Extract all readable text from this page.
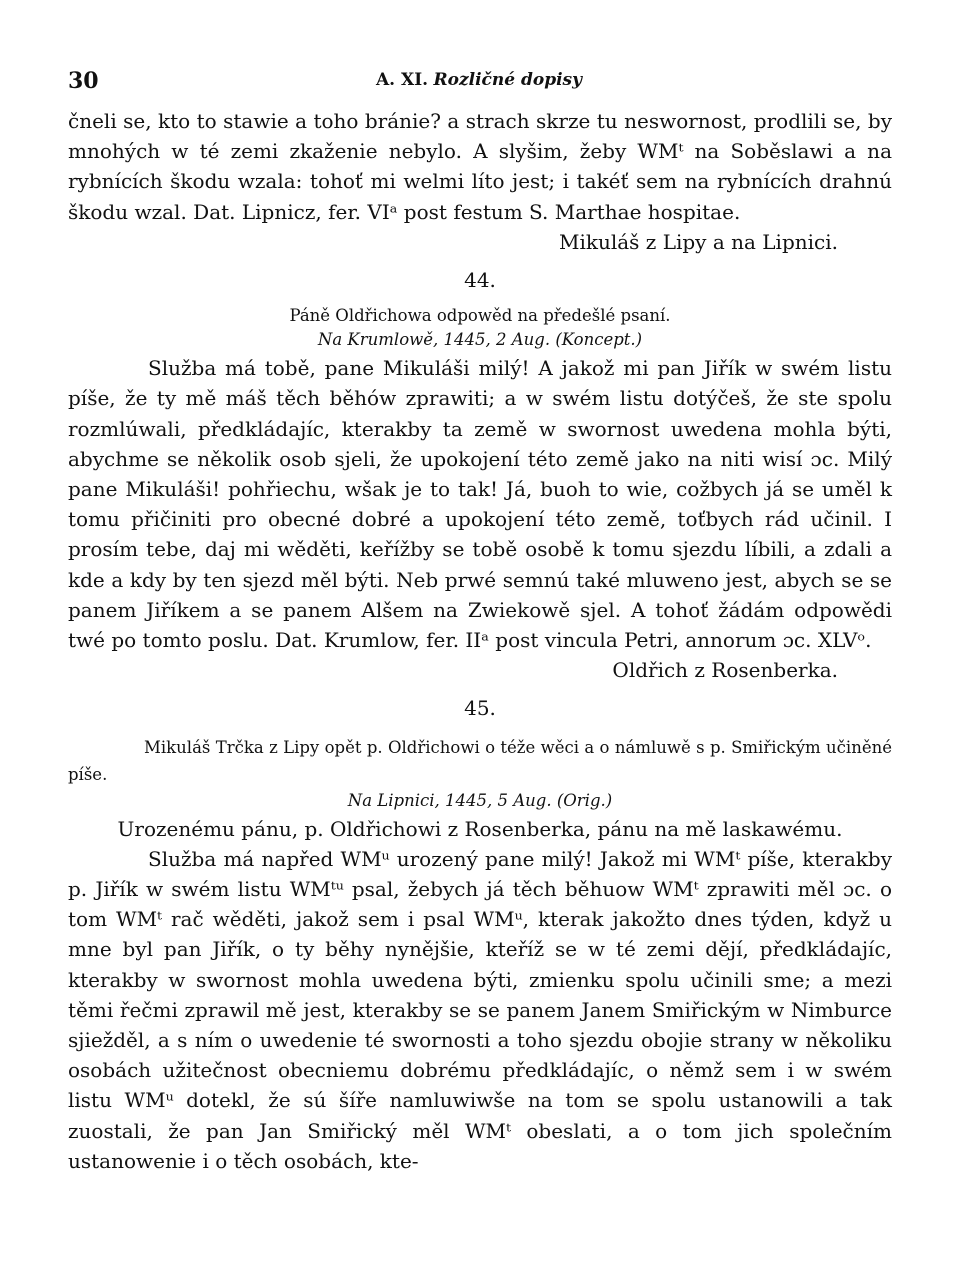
30	A. XI. Rozličné dopisy

čneli se, kto to stawie a toho bránie? a strach skrze tu neswornost, prodlili se, by mnohých w té zemi zkaženie nebylo. A slyšim, žeby WMᵗ na Soběslawi a na rybnících škodu wzala: tohoť mi welmi líto jest; i takéť sem na rybnících drahnú škodu wzal. Dat. Lipnicz, fer. VIᵃ post festum S. Marthae hospitae.

Mikuláš z Lipy a na Lipnici.

44.

Páně Oldřichowa odpowěd na předešlé psaní.

Na Krumlowě, 1445, 2 Aug. (Koncept.)

Služba má tobě, pane Mikuláši milý! A jakož mi pan Jiřík w swém listu píše, že ty mě máš těch běhów zprawiti; a w swém listu dotýčeš, že ste spolu rozmlúwali, předkládajíc, kterakby ta země w swornost uwedena mohla býti, abychme se několik osob sjeli, že upokojení této země jako na niti wisí ɔc. Milý pane Mikuláši! pohřiechu, wšak je to tak! Já, buoh to wie, cožbych já se uměl k tomu přičiniti pro obecné dobré a upokojení této země, toťbych rád učinil. I prosím tebe, daj mi wěděti, keřížby se tobě osobě k tomu sjezdu líbili, a zdali a kde a kdy by ten sjezd měl býti. Neb prwé semnú také mluweno jest, abych se se panem Jiříkem a se panem Alšem na Zwiekowě sjel. A tohoť žádám odpowědi twé po tomto poslu. Dat. Krumlow, fer. IIᵃ post vincula Petri, annorum ɔc. XLVᵒ.

Oldřich z Rosenberka.

45.

Mikuláš Trčka z Lipy opět p. Oldřichowi o téže wěci a o námluwě s p. Smiřickým učiněné píše.

Na Lipnici, 1445, 5 Aug. (Orig.)

Urozenému pánu, p. Oldřichowi z Rosenberka, pánu na mě laskawému.

Služba má napřed WMᵘ urozený pane milý! Jakož mi WMᵗ píše, kterakby p. Jiřík w swém listu WMᵗᵘ psal, žebych já těch běhuow WMᵗ zprawiti měl ɔc. o tom WMᵗ rač wěděti, jakož sem i psal WMᵘ, kterak jakožto dnes týden, když u mne byl pan Jiřík, o ty běhy nynějšie, kteříž se w té zemi dějí, předkládajíc, kterakby w swornost mohla uwedena býti, zmienku spolu učinili sme; a mezi těmi řečmi zprawil mě jest, kterakby se se panem Janem Smiřickým w Nimburce sjiežděl, a s ním o uwedenie té swornosti a toho sjezdu obojie strany w několiku osobách užitečnost obecniemu dobrému předkládajíc, o němž sem i w swém listu WMᵘ dotekl, že sú šíře namluwiwše na tom se spolu ustanowili a tak zuostali, že pan Jan Smiřický měl WMᵗ obeslati, a o tom jich společním ustanowenie i o těch osobách, kte-
